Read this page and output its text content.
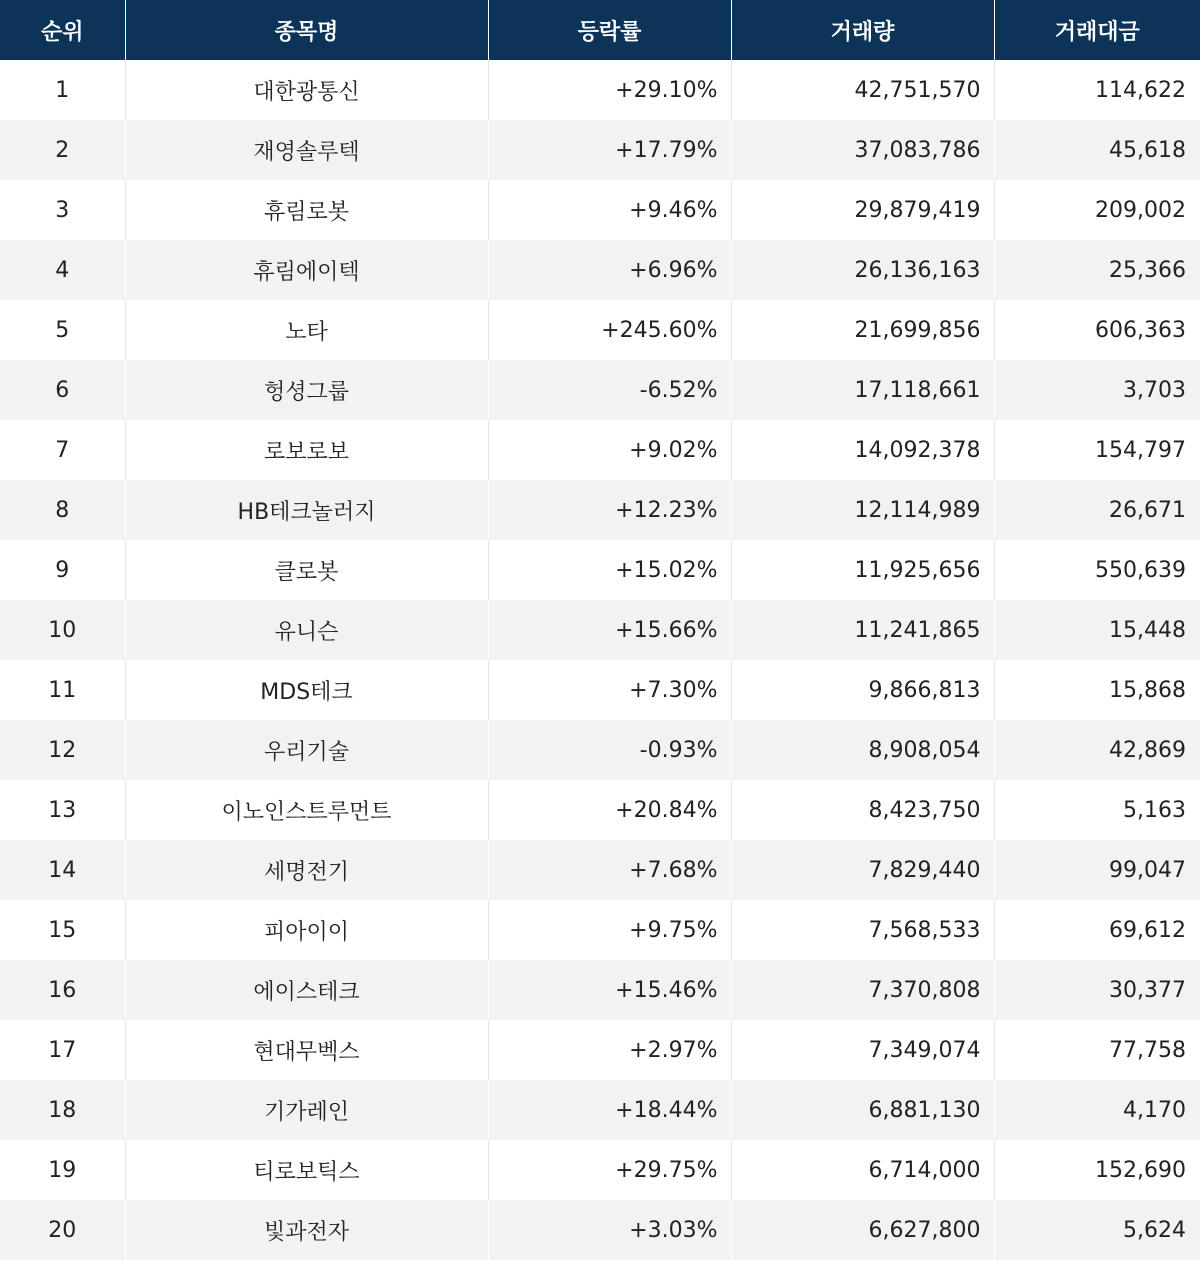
순위	종목명	등락률	거래량	거래대금
1	대한광통신	+29.10%	42,751,570	114,622
2	재영솔루텍	+17.79%	37,083,786	45,618
3	휴림로봇	+9.46%	29,879,419	209,002
4	휴림에이텍	+6.96%	26,136,163	25,366
5	노타	+245.60%	21,699,856	606,363
6	헝셩그룹	-6.52%	17,118,661	3,703
7	로보로보	+9.02%	14,092,378	154,797
8	HB테크놀러지	+12.23%	12,114,989	26,671
9	클로봇	+15.02%	11,925,656	550,639
10	유니슨	+15.66%	11,241,865	15,448
11	MDS테크	+7.30%	9,866,813	15,868
12	우리기술	-0.93%	8,908,054	42,869
13	이노인스트루먼트	+20.84%	8,423,750	5,163
14	세명전기	+7.68%	7,829,440	99,047
15	피아이이	+9.75%	7,568,533	69,612
16	에이스테크	+15.46%	7,370,808	30,377
17	현대무벡스	+2.97%	7,349,074	77,758
18	기가레인	+18.44%	6,881,130	4,170
19	티로보틱스	+29.75%	6,714,000	152,690
20	빛과전자	+3.03%	6,627,800	5,624
